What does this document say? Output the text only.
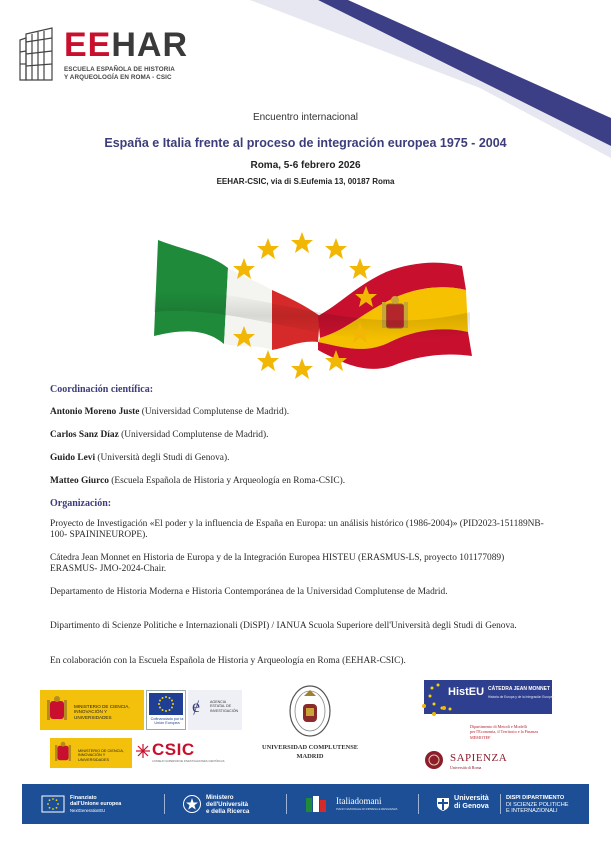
EEHAR
ESCUELA ESPAÑOLA DE HISTORIA
Y ARQUEOLOGÍA EN ROMA - CSIC
Encuentro internacional
España e Italia frente al proceso de integración europea 1975 - 2004
Roma, 5-6 febrero 2026
EEHAR-CSIC, via di S.Eufemia 13, 00187 Roma
Coordinación científica:
Antonio Moreno Juste (Universidad Complutense de Madrid).
Carlos Sanz Díaz (Universidad Complutense de Madrid).
Guido Levi (Università degli Studi di Genova).
Matteo Giurco (Escuela Española de Historia y Arqueología en Roma-CSIC).
Organización:
Proyecto de Investigación «El poder y la influencia de España en Europa: un análisis histórico (1986-2004)» (PID2023-151189NB-100- SPAININEUROPE).
Cátedra Jean Monnet en Historia de Europa y de la Integración Europea HISTEU (ERASMUS-LS, proyecto 101177089) ERASMUS- JMO-2024-Chair.
Departamento de Historia Moderna e Historia Contemporánea de la Universidad Complutense de Madrid.
Dipartimento di Scienze Politiche e Internazionali (DiSPI) / IANUA Scuola Superiore dell'Università degli Studi di Genova.
En colaboración con la Escuela Española de Historia y Arqueología en Roma (EEHAR-CSIC).
MINISTERIO DE CIENCIA, INNOVACIÓN Y UNIVERSIDADES	Cofinanciado por la Unión Europea
ɇ	AGENCIA ESTATAL DE INVESTIGACIÓN
MINISTERIO DE CIENCIA, INNOVACIÓN Y UNIVERSIDADES
CSIC
CONSEJO SUPERIOR DE INVESTIGACIONES CIENTÍFICAS
UNIVERSIDAD COMPLUTENSE
MADRID
HistEU CÁTEDRA JEAN MONNET
Historia de Europa y de la Integración Europea
Dipartimento di Metodi e Modelli
per l'Economia, il Territorio e la Finanza
MEMOTEF
SAPIENZA
Università di Roma
Finanziato
dall'Unione europea
NextGenerationEU
Ministero
dell'Università
e della Ricerca
Italiadomani
PIANO NAZIONALE DI RIPRESA E RESILIENZA
Università
di Genova
DISPI DIPARTIMENTO
DI SCIENZE POLITICHE
E INTERNAZIONALI
